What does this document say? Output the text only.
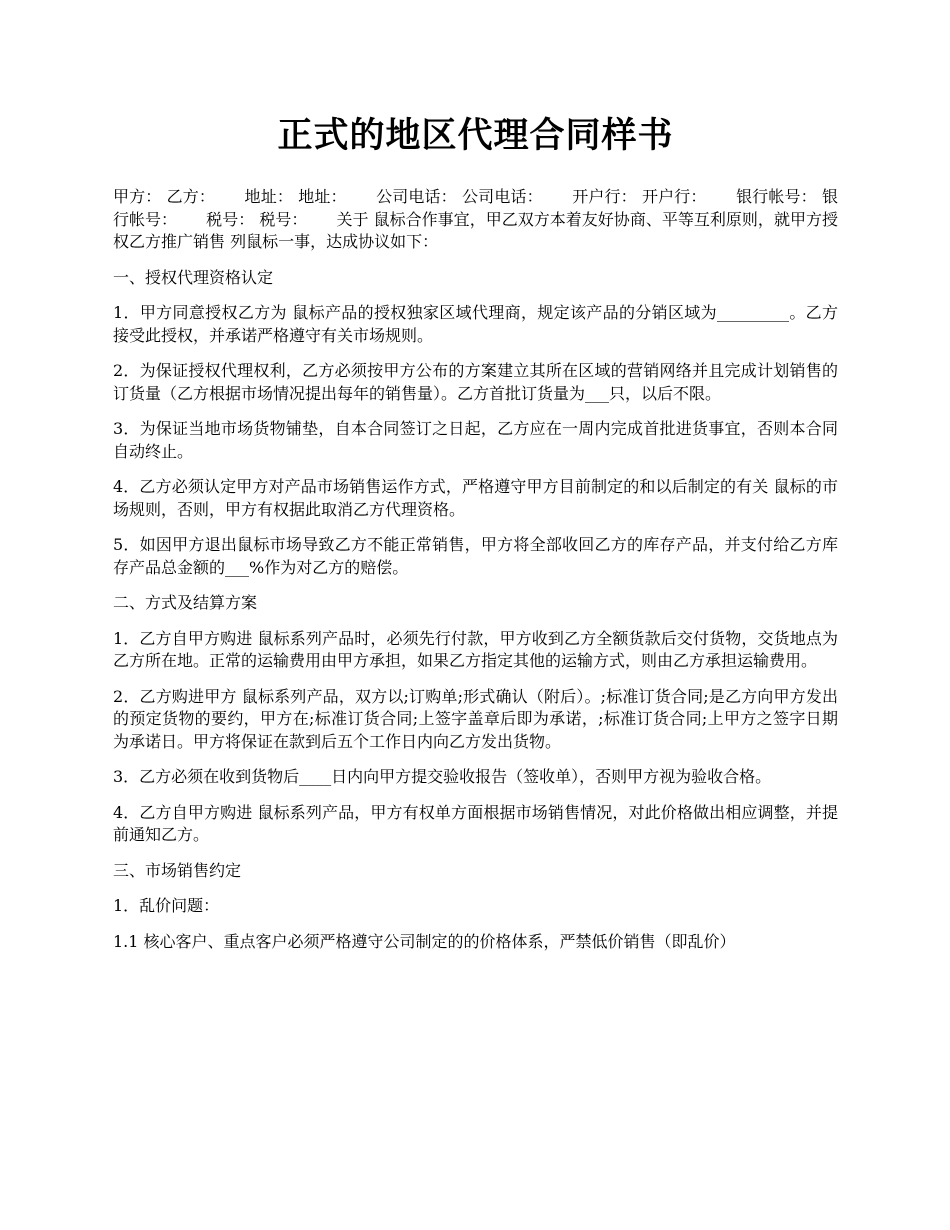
正式的地区代理合同样书

甲方： 乙方：　　 地址： 地址：　　 公司电话： 公司电话：　　 开户行： 开户行：　　 银行帐号： 银行帐号：　　 税号： 税号：　　 关于 鼠标合作事宜，甲乙双方本着友好协商、平等互利原则，就甲方授权乙方推广销售 列鼠标一事，达成协议如下：

一、授权代理资格认定

1．甲方同意授权乙方为 鼠标产品的授权独家区域代理商，规定该产品的分销区域为_________。乙方接受此授权，并承诺严格遵守有关市场规则。

2．为保证授权代理权利，乙方必须按甲方公布的方案建立其所在区域的营销网络并且完成计划销售的订货量（乙方根据市场情况提出每年的销售量）。乙方首批订货量为___只，以后不限。

3．为保证当地市场货物铺垫，自本合同签订之日起，乙方应在一周内完成首批进货事宜，否则本合同自动终止。

4．乙方必须认定甲方对产品市场销售运作方式，严格遵守甲方目前制定的和以后制定的有关 鼠标的市场规则，否则，甲方有权据此取消乙方代理资格。

5．如因甲方退出鼠标市场导致乙方不能正常销售，甲方将全部收回乙方的库存产品，并支付给乙方库存产品总金额的___%作为对乙方的赔偿。

二、方式及结算方案

1．乙方自甲方购进 鼠标系列产品时，必须先行付款，甲方收到乙方全额货款后交付货物，交货地点为乙方所在地。正常的运输费用由甲方承担，如果乙方指定其他的运输方式，则由乙方承担运输费用。

2．乙方购进甲方 鼠标系列产品，双方以;订购单;形式确认（附后）。;标准订货合同;是乙方向甲方发出的预定货物的要约，甲方在;标准订货合同;上签字盖章后即为承诺，;标准订货合同;上甲方之签字日期为承诺日。甲方将保证在款到后五个工作日内向乙方发出货物。

3．乙方必须在收到货物后____日内向甲方提交验收报告（签收单），否则甲方视为验收合格。

4．乙方自甲方购进 鼠标系列产品，甲方有权单方面根据市场销售情况，对此价格做出相应调整，并提前通知乙方。

三、市场销售约定

1．乱价问题：

1.1 核心客户、重点客户必须严格遵守公司制定的的价格体系，严禁低价销售（即乱价）
